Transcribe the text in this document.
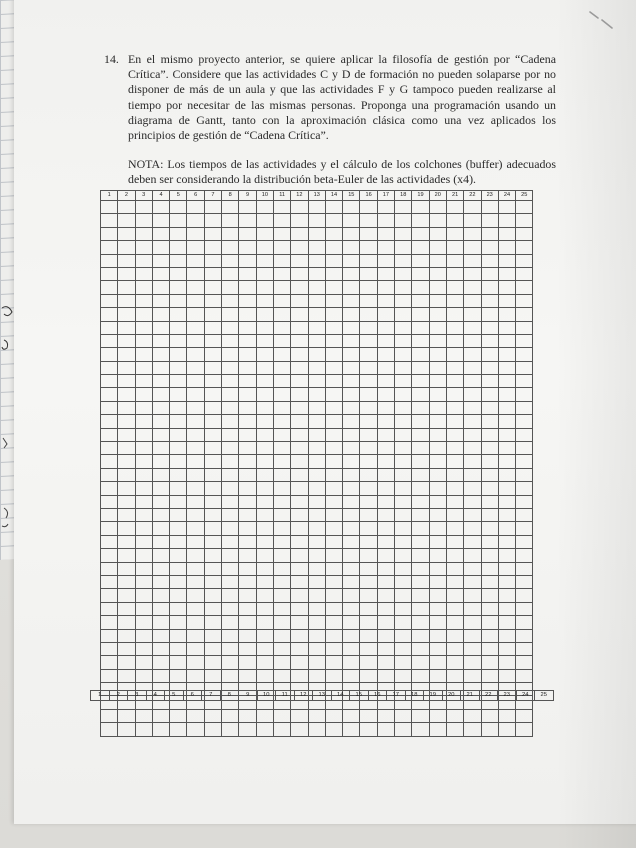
14. En el mismo proyecto anterior, se quiere aplicar la filosofía de gestión por “Cadena Crítica”. Considere que las actividades C y D de formación no pueden solaparse por no disponer de más de un aula y que las actividades F y G tampoco pueden realizarse al tiempo por necesitar de las mismas personas. Proponga una programación usando un diagrama de Gantt, tanto con la aproximación clásica como una vez aplicados los principios de gestión de “Cadena Crítica”.
NOTA: Los tiempos de las actividades y el cálculo de los colchones (buffer) adecuados deben ser considerando la distribución beta-Euler de las actividades (x4).
1	2	3	4	5	6	7	8	9	10	11	12	13	14	15	16	17	18	19	20	21	22	23	24	25

1	2	3	4	5	6	7	8	9	10	11	12	13	14	15	16	17	18	19	20	21	22	23	24	25
